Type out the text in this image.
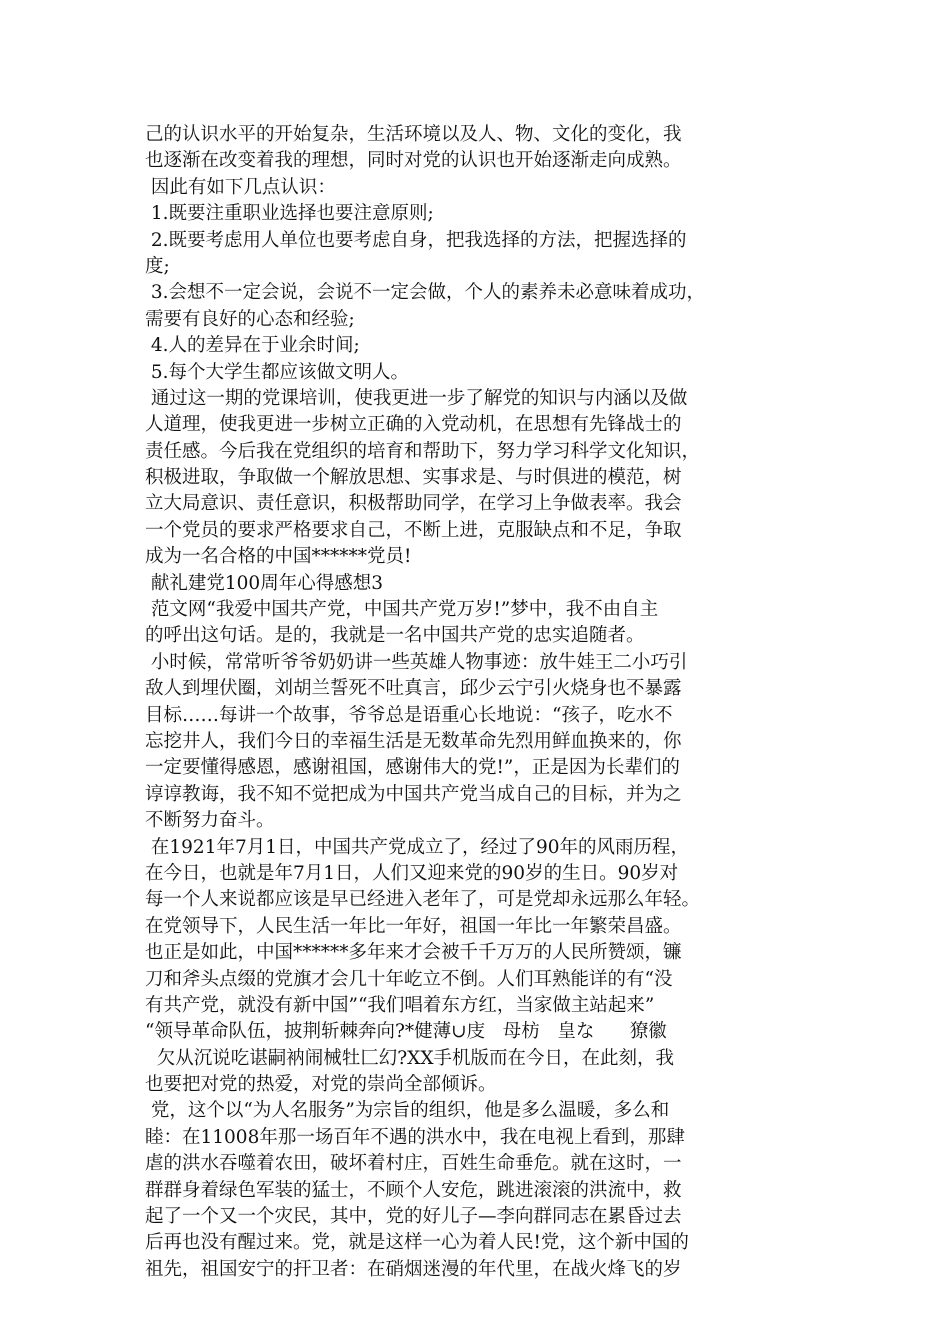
己的认识水平的开始复杂，生活环境以及人、物、文化的变化，我
也逐渐在改变着我的理想，同时对党的认识也开始逐渐走向成熟。
因此有如下几点认识：
1.既要注重职业选择也要注意原则;
2.既要考虑用人单位也要考虑自身，把我选择的方法，把握选择的
度;
3.会想不一定会说，会说不一定会做，个人的素养未必意味着成功，
需要有良好的心态和经验;
4.人的差异在于业余时间;
5.每个大学生都应该做文明人。
通过这一期的党课培训，使我更进一步了解党的知识与内涵以及做
人道理，使我更进一步树立正确的入党动机，在思想有先锋战士的
责任感。今后我在党组织的培育和帮助下，努力学习科学文化知识，
积极进取，争取做一个解放思想、实事求是、与时俱进的模范，树
立大局意识、责任意识，积极帮助同学，在学习上争做表率。我会
一个党员的要求严格要求自己，不断上进，克服缺点和不足，争取
成为一名合格的中国******党员!
献礼建党100周年心得感想3
范文网“我爱中国共产党，中国共产党万岁!”梦中，我不由自主
的呼出这句话。是的，我就是一名中国共产党的忠实追随者。
小时候，常常听爷爷奶奶讲一些英雄人物事迹：放牛娃王二小巧引
敌人到埋伏圈，刘胡兰誓死不吐真言，邱少云宁引火烧身也不暴露
目标……每讲一个故事，爷爷总是语重心长地说：“孩子，吃水不
忘挖井人，我们今日的幸福生活是无数革命先烈用鲜血换来的，你
一定要懂得感恩，感谢祖国，感谢伟大的党!”，正是因为长辈们的
谆谆教诲，我不知不觉把成为中国共产党当成自己的目标，并为之
不断努力奋斗。
在1921年7月1日，中国共产党成立了，经过了90年的风雨历程，
在今日，也就是年7月1日，人们又迎来党的90岁的生日。90岁对
每一个人来说都应该是早已经进入老年了，可是党却永远那么年轻。
在党领导下，人民生活一年比一年好，祖国一年比一年繁荣昌盛。
也正是如此，中国******多年来才会被千千万万的人民所赞颂，镰
刀和斧头点缀的党旗才会几十年屹立不倒。人们耳熟能详的有“没
有共产党，就没有新中国”“我们唱着东方红，当家做主站起来”
“领导革命队伍，披荆斩棘奔向?*健薄∪庋   母枋   皇な      獠徽
欠从沉说吃谌嗣衲闹械牡匚幻?XX手机版而在今日，在此刻，我
也要把对党的热爱，对党的崇尚全部倾诉。
党，这个以“为人名服务”为宗旨的组织，他是多么温暖，多么和
睦：在11008年那一场百年不遇的洪水中，我在电视上看到，那肆
虐的洪水吞噬着农田，破坏着村庄，百姓生命垂危。就在这时，一
群群身着绿色军装的猛士，不顾个人安危，跳进滚滚的洪流中，救
起了一个又一个灾民，其中，党的好儿子—李向群同志在累昏过去
后再也没有醒过来。党，就是这样一心为着人民!党，这个新中国的
祖先，祖国安宁的扞卫者：在硝烟迷漫的年代里，在战火烽飞的岁
